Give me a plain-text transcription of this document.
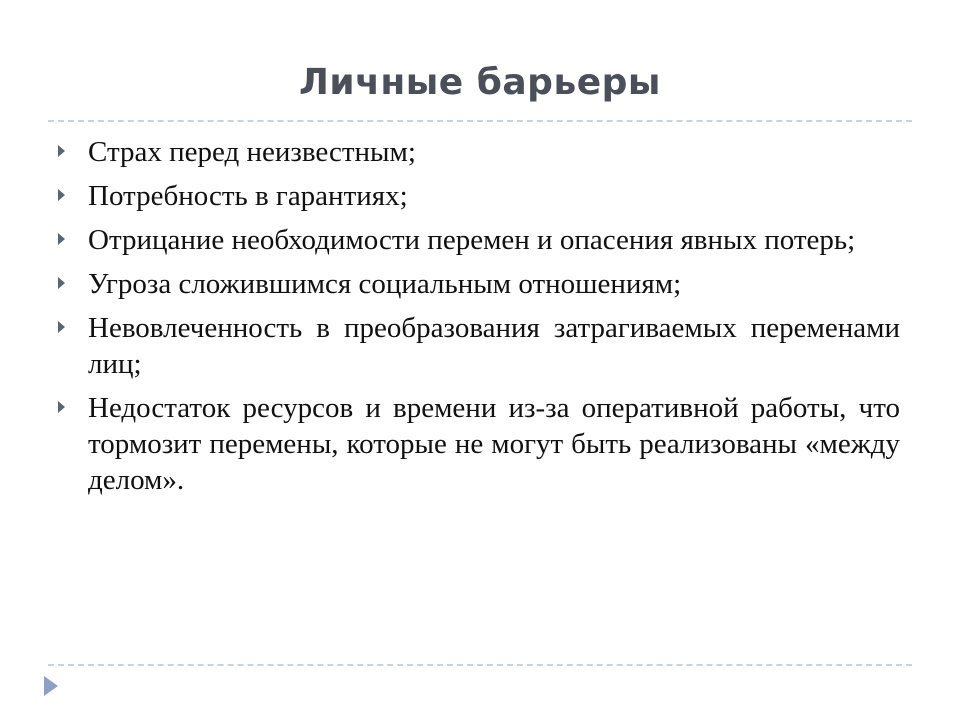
Личные барьеры
Страх перед неизвестным;
Потребность в гарантиях;
Отрицание необходимости перемен и опасения явных потерь;
Угроза сложившимся социальным отношениям;
Невовлеченность в преобразования затрагиваемых переменами лиц;
Недостаток ресурсов и времени из-за оперативной работы, что тормозит перемены, которые не могут быть реализованы «между делом».
